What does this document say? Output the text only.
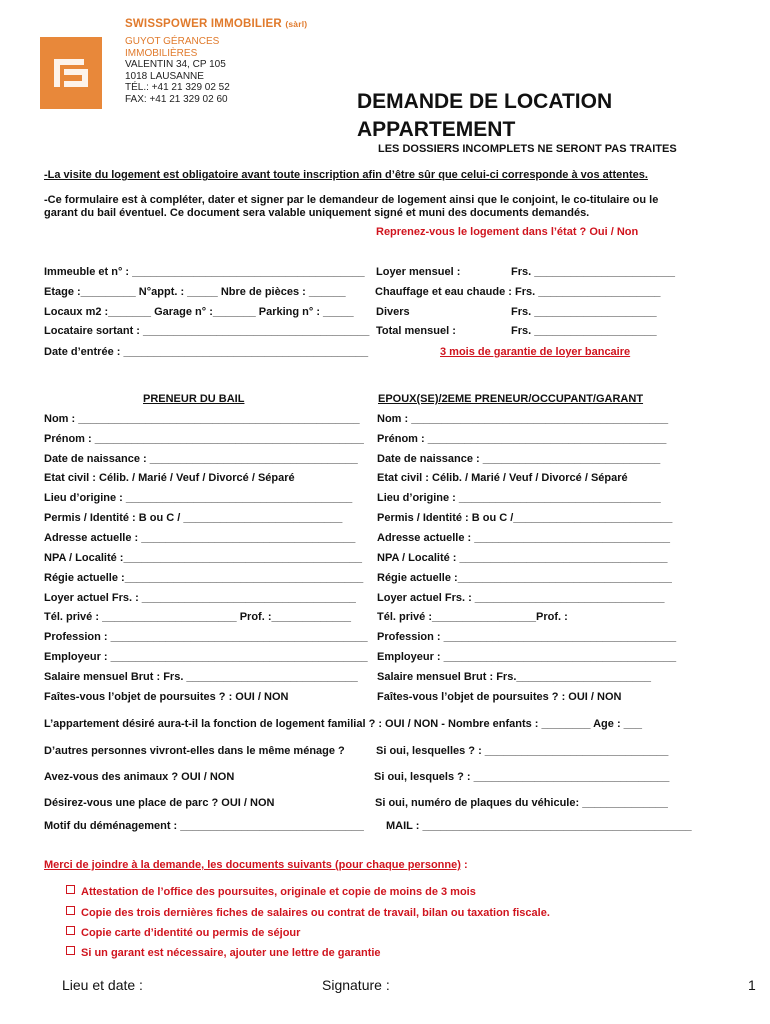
SWISSPOWER IMMOBILIER (sàrl)
GUYOT GÉRANCES
IMMOBILIÈRES
VALENTIN 34, CP 105
1018 LAUSANNE
TÉL.: +41 21 329 02 52
FAX: +41 21 329 02 60	DEMANDE DE LOCATION
APPARTEMENT
LES DOSSIERS INCOMPLETS NE SERONT PAS TRAITES
-La visite du logement est obligatoire avant toute inscription afin d’être sûr que celui-ci corresponde à vos attentes.
-Ce formulaire est à compléter, dater et signer par le demandeur de logement ainsi que le conjoint, le co-titulaire ou le
garant du bail éventuel. Ce document sera valable uniquement signé et muni des documents demandés.
Reprenez-vous le logement dans l’état ? Oui / Non
Immeuble et n° : ______________________________________ Loyer mensuel :	Frs. _______________________
Etage :_________ N°appt. : _____ Nbre de pièces : ______	Chauffage et eau chaude : Frs. ____________________
Locaux m2 :_______ Garage n° :_______ Parking n° : _____ Divers	Frs. ____________________
Locataire sortant : _____________________________________ Total mensuel :	Frs. ____________________
Date d’entrée : ________________________________________	3 mois de garantie de loyer bancaire
PRENEUR DU BAIL	EPOUX(SE)/2EME PRENEUR/OCCUPANT/GARANT
Nom : ______________________________________________ Nom : __________________________________________
Prénom : ____________________________________________ Prénom : _______________________________________
Date de naissance : __________________________________ Date de naissance : _____________________________
Etat civil : Célib. / Marié / Veuf / Divorcé / Séparé	Etat civil : Célib. / Marié / Veuf / Divorcé / Séparé
Lieu d’origine : _____________________________________ Lieu d’origine : _________________________________
Permis / Identité : B ou C / __________________________	Permis / Identité : B ou C /__________________________
Adresse actuelle : ___________________________________ Adresse actuelle : ________________________________
NPA / Localité :_______________________________________ NPA / Localité : __________________________________
Régie actuelle :_______________________________________ Régie actuelle :___________________________________
Loyer actuel Frs. : ___________________________________ Loyer actuel Frs. : _______________________________
Tél. privé : ______________________ Prof. :_____________ Tél. privé :_________________Prof. :
Profession : __________________________________________ Profession : ______________________________________
Employeur : __________________________________________ Employeur : ______________________________________
Salaire mensuel Brut : Frs. ____________________________ Salaire mensuel Brut : Frs.______________________
Faîtes-vous l’objet de poursuites ? : OUI / NON	Faîtes-vous l’objet de poursuites ? : OUI / NON
L’appartement désiré aura-t-il la fonction de logement familial ? : OUI / NON - Nombre enfants : ________ Age : ___
D’autres personnes vivront-elles dans le même ménage ?	Si oui, lesquelles ? : ______________________________
Avez-vous des animaux ? OUI / NON	Si oui, lesquels ? : ________________________________
Désirez-vous une place de parc ? OUI / NON	Si oui, numéro de plaques du véhicule: ______________
Motif du déménagement : ______________________________ MAIL : ____________________________________________
Merci de joindre à la demande, les documents suivants (pour chaque personne) :
Attestation de l’office des poursuites, originale et copie de moins de 3 mois
Copie des trois dernières fiches de salaires ou contrat de travail, bilan ou taxation fiscale.
Copie carte d’identité ou permis de séjour
Si un garant est nécessaire, ajouter une lettre de garantie
Lieu et date :	Signature :	1
